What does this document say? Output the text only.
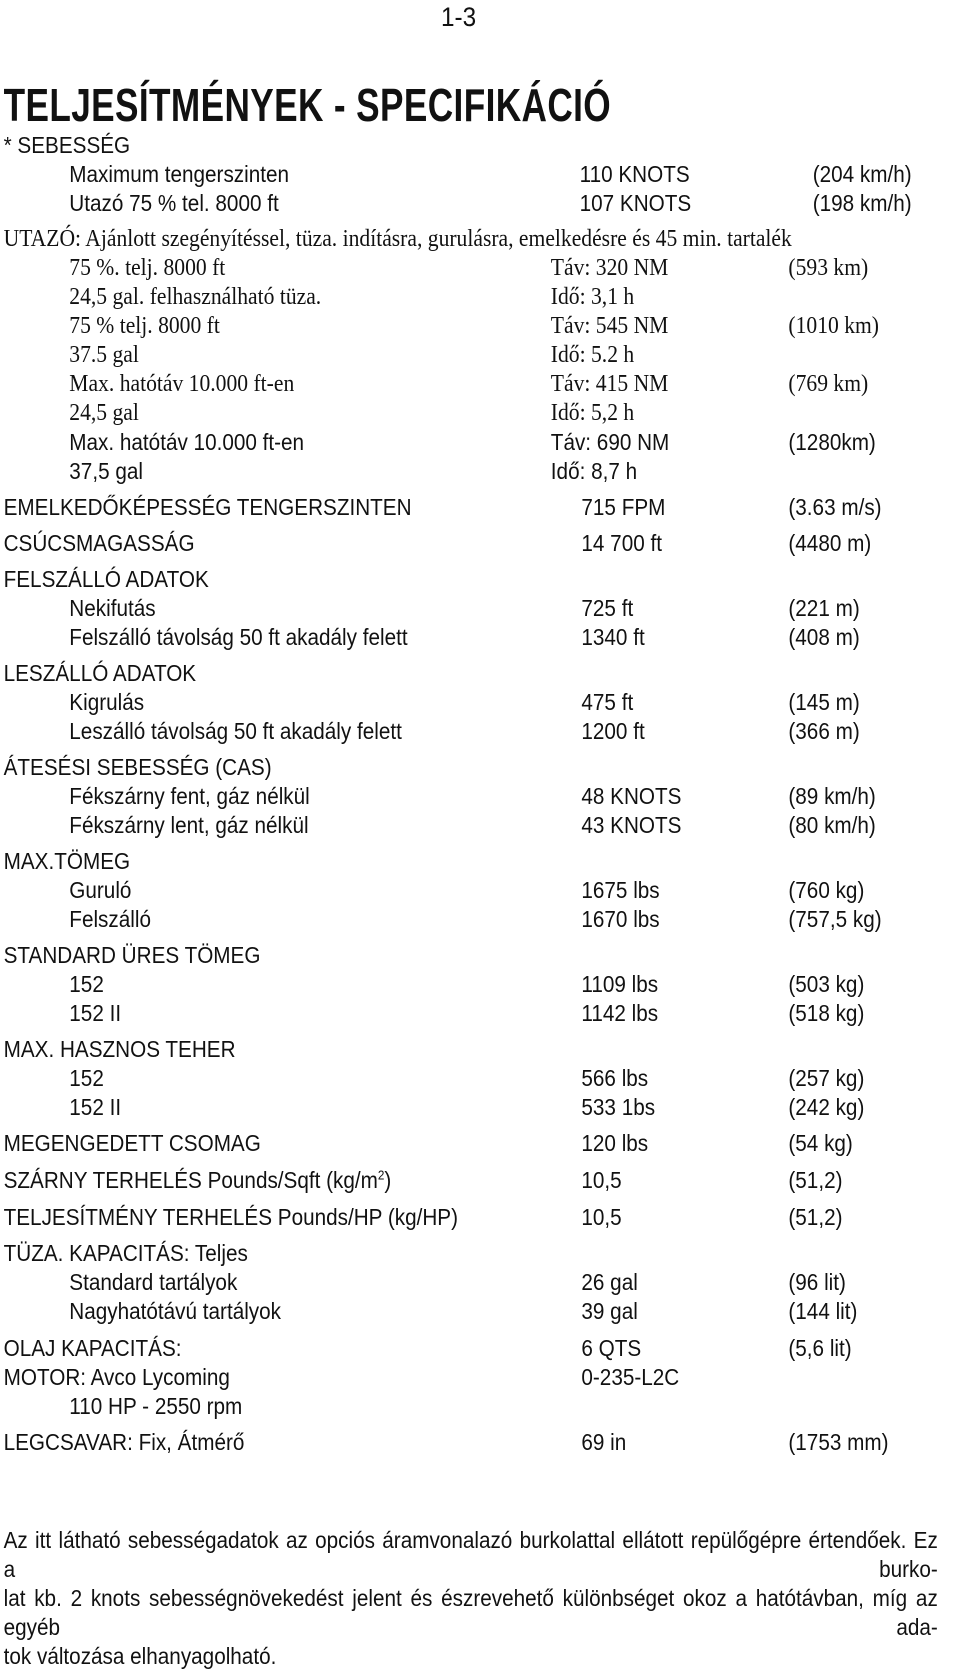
1-3
TELJESÍTMÉNYEK - SPECIFIKÁCIÓ
* SEBESSÉG
Maximum tengerszinten	110 KNOTS	(204 km/h)
Utazó 75 % tel. 8000 ft	107 KNOTS	(198 km/h)
UTAZÓ: Ajánlott szegényítéssel, tüza. indításra, gurulásra, emelkedésre és 45 min. tartalék
75 %. telj. 8000 ft	Táv: 320 NM	(593 km)
24,5 gal. felhasználható tüza.	Idő: 3,1 h
75 % telj. 8000 ft	Táv: 545 NM	(1010 km)
37.5 gal	Idő: 5.2 h
Max. hatótáv 10.000 ft-en	Táv: 415 NM	(769 km)
24,5 gal	Idő: 5,2 h
Max. hatótáv 10.000 ft-en	Táv: 690 NM	(1280km)
37,5 gal	Idő: 8,7 h
EMELKEDŐKÉPESSÉG TENGERSZINTEN	715 FPM	(3.63 m/s)
CSÚCSMAGASSÁG	14 700 ft	(4480 m)
FELSZÁLLÓ ADATOK
Nekifutás	725 ft	(221 m)
Felszálló távolság 50 ft akadály felett	1340 ft	(408 m)
LESZÁLLÓ ADATOK
Kigrulás	475 ft	(145 m)
Leszálló távolság 50 ft akadály felett	1200 ft	(366 m)
ÁTESÉSI SEBESSÉG (CAS)
Fékszárny fent, gáz nélkül	48 KNOTS	(89 km/h)
Fékszárny lent, gáz nélkül	43 KNOTS	(80 km/h)
MAX.TÖMEG
Guruló	1675 lbs	(760 kg)
Felszálló	1670 lbs	(757,5 kg)
STANDARD ÜRES TÖMEG
152	1109 lbs	(503 kg)
152 II	1142 lbs	(518 kg)
MAX. HASZNOS TEHER
152	566 lbs	(257 kg)
152 II	533 1bs	(242 kg)
MEGENGEDETT CSOMAG	120 lbs	(54 kg)
SZÁRNY TERHELÉS Pounds/Sqft $(kg/m^2)$	10,5	(51,2)
TELJESÍTMÉNY TERHELÉS Pounds/HP (kg/HP)	10,5	(51,2)
TÜZA. KAPACITÁS: Teljes
Standard tartályok	26 gal	(96 lit)
Nagyhatótávú tartályok	39 gal	(144 lit)
OLAJ KAPACITÁS:	6 QTS	(5,6 lit)
MOTOR: Avco Lycoming	0-235-L2C
110 HP - 2550 rpm
LEGCSAVAR: Fix, Átmérő	69 in	(1753 mm)
Az itt látható sebességadatok az opciós áramvonalazó burkolattal ellátott repülőgépre értendőek. Ez a burko-
lat kb. 2 knots sebességnövekedést jelent és észrevehető különbséget okoz a hatótávban, míg az egyéb ada-
tok változása elhanyagolható.
